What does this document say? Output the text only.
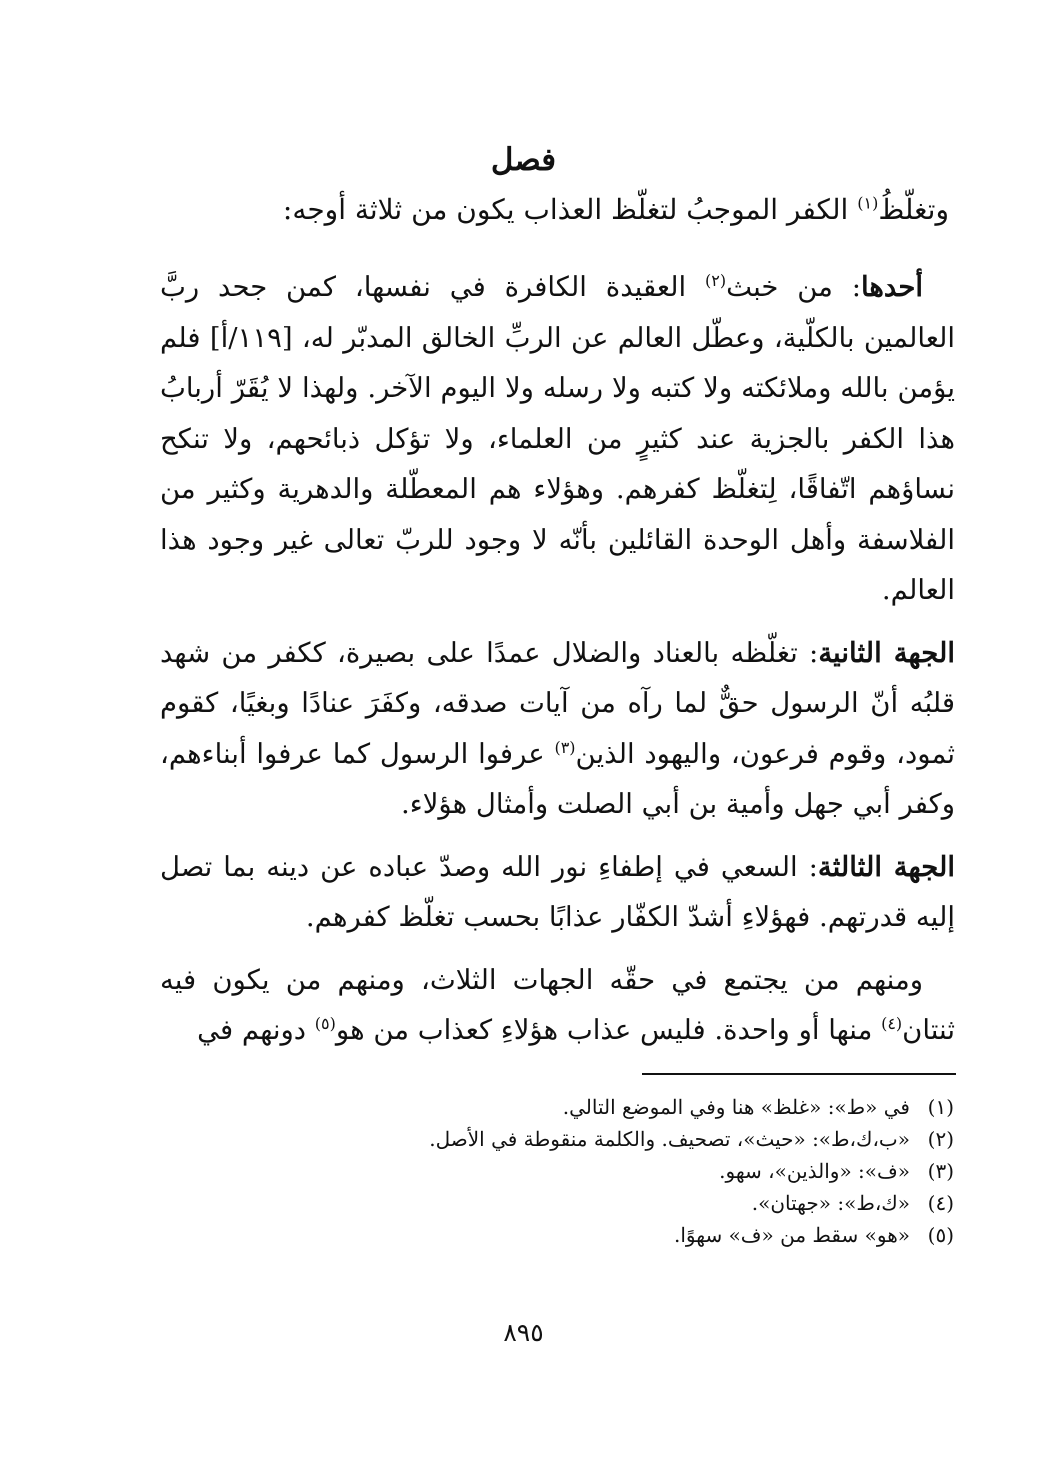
فصل
وتغلّظُ$^{(١)}$ الكفر الموجبُ لتغلّظ العذاب يكون من ثلاثة أوجه:

أحدها: من خبث$^{(٢)}$ العقيدة الكافرة في نفسها، كمن جحد ربَّ العالمين بالكلّية، وعطّل العالم عن الربِّ الخالق المدبّر له، [١١٩/أ] فلم يؤمن بالله وملائكته ولا كتبه ولا رسله ولا اليوم الآخر. ولهذا لا يُقَرّ أربابُ هذا الكفر بالجزية عند كثيرٍ من العلماء، ولا تؤكل ذبائحهم، ولا تنكح نساؤهم اتّفاقًا، لِتغلّظ كفرهم. وهؤلاء هم المعطّلة والدهرية وكثير من الفلاسفة وأهل الوحدة القائلين بأنّه لا وجود للربّ تعالى غير وجود هذا العالم.

الجهة الثانية: تغلّظه بالعناد والضلال عمدًا على بصيرة، ككفر من شهد قلبُه أنّ الرسول حقٌّ لما رآه من آيات صدقه، وكفَرَ عنادًا وبغيًا، كقوم ثمود، وقوم فرعون، واليهود الذين$^{(٣)}$ عرفوا الرسول كما عرفوا أبناءهم، وكفر أبي جهل وأمية بن أبي الصلت وأمثال هؤلاء.

الجهة الثالثة: السعي في إطفاءِ نور الله وصدّ عباده عن دينه بما تصل إليه قدرتهم. فهؤلاءِ أشدّ الكفّار عذابًا بحسب تغلّظ كفرهم.

ومنهم من يجتمع في حقّه الجهات الثلاث، ومنهم من يكون فيه ثنتان$^{(٤)}$ منها أو واحدة. فليس عذاب هؤلاءِ كعذاب من هو$^{(٥)}$ دونهم في

(١)في «ط»: «غلظ» هنا وفي الموضع التالي.
(٢)«ب،ك،ط»: «حيث»، تصحيف. والكلمة منقوطة في الأصل.
(٣)«ف»: «والذين»، سهو.
(٤)«ك،ط»: «جهتان».
(٥)«هو» سقط من «ف» سهوًا.
٨٩٥
